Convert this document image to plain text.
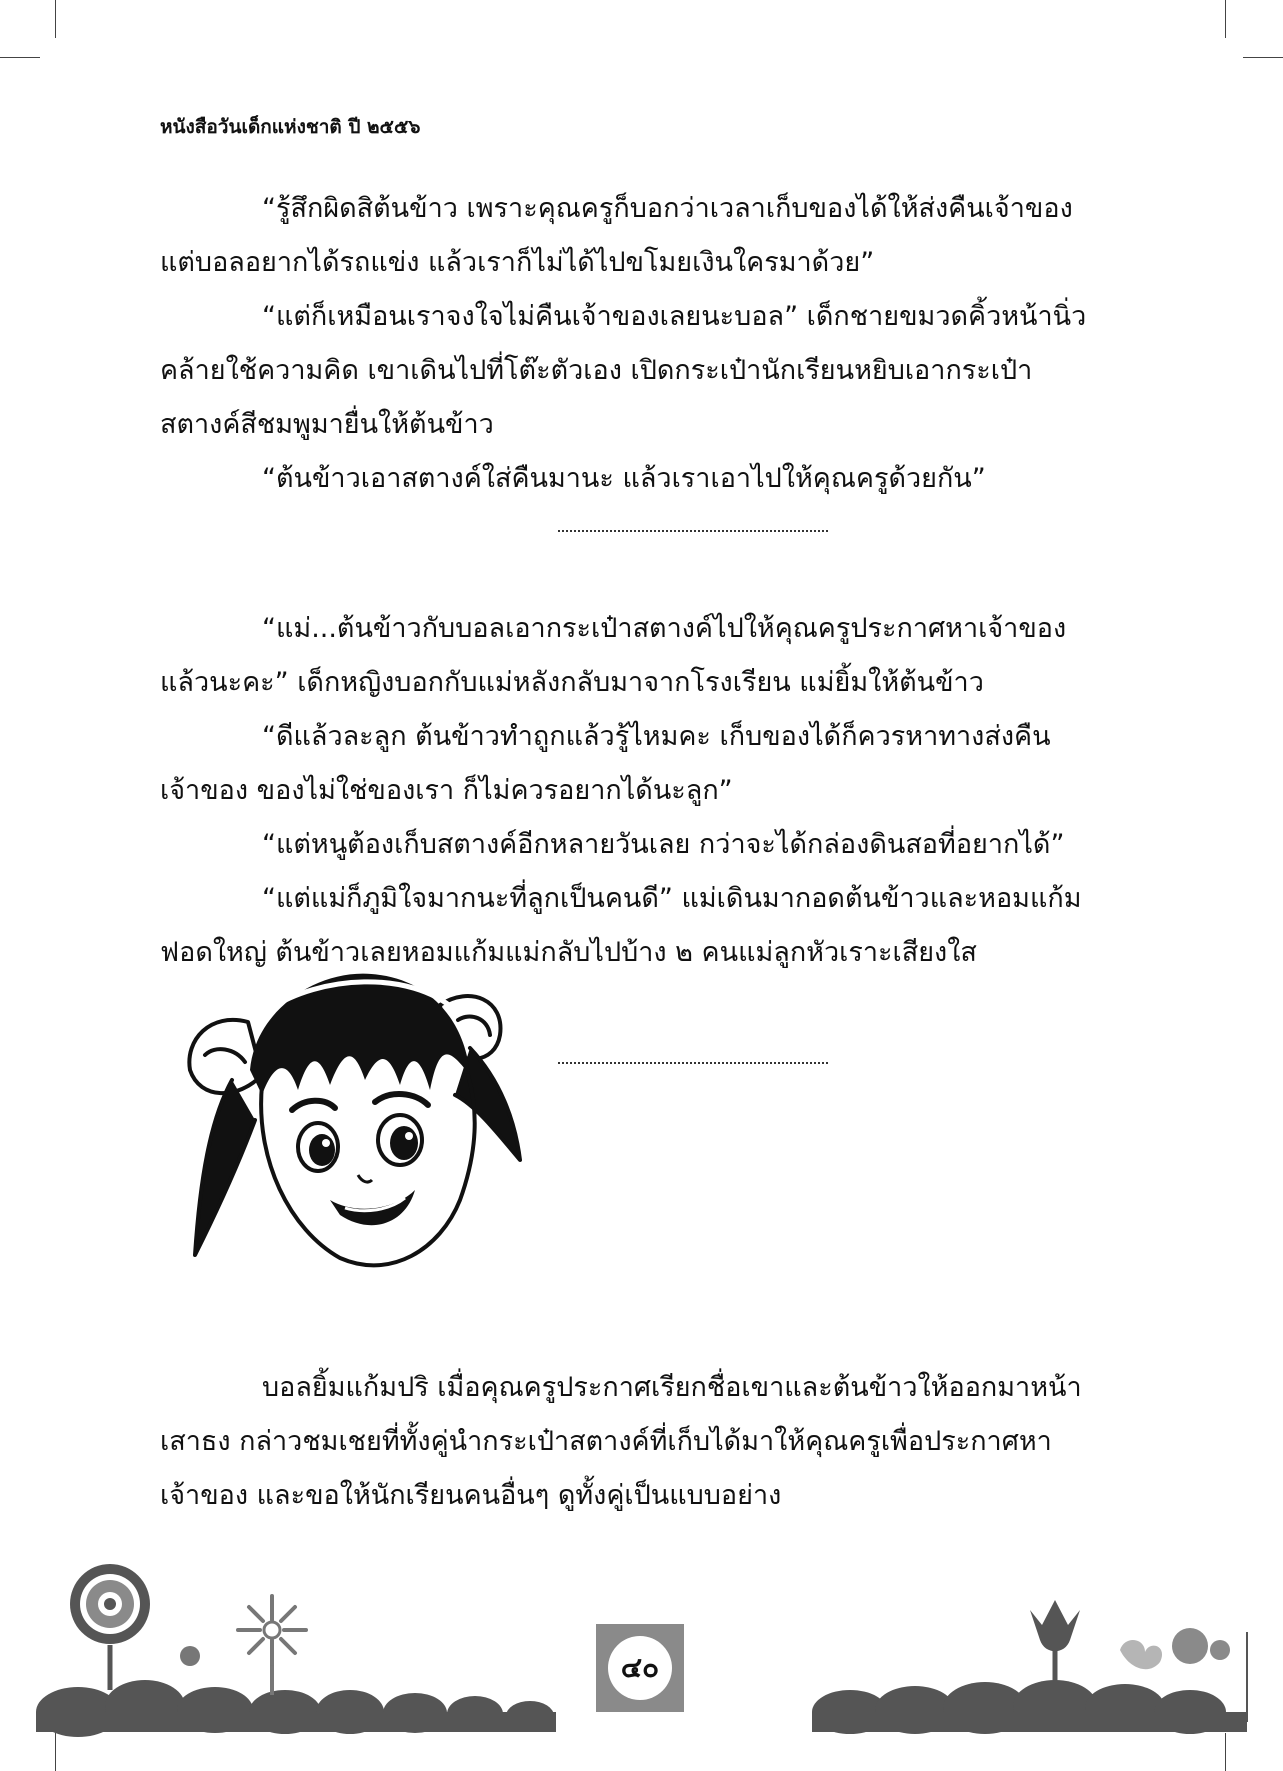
หนังสือวันเด็กแห่งชาติ ปี ๒๕๕๖
“รู้สึกผิดสิต้นข้าว เพราะคุณครูก็บอกว่าเวลาเก็บของได้ให้ส่งคืนเจ้าของ
แต่บอลอยากได้รถแข่ง แล้วเราก็ไม่ได้ไปขโมยเงินใครมาด้วย”
“แต่ก็เหมือนเราจงใจไม่คืนเจ้าของเลยนะบอล” เด็กชายขมวดคิ้วหน้านิ่ว
คล้ายใช้ความคิด เขาเดินไปที่โต๊ะตัวเอง เปิดกระเป๋านักเรียนหยิบเอากระเป๋า
สตางค์สีชมพูมายื่นให้ต้นข้าว
“ต้นข้าวเอาสตางค์ใส่คืนมานะ แล้วเราเอาไปให้คุณครูด้วยกัน”
“แม่...ต้นข้าวกับบอลเอากระเป๋าสตางค์ไปให้คุณครูประกาศหาเจ้าของ
แล้วนะคะ” เด็กหญิงบอกกับแม่หลังกลับมาจากโรงเรียน แม่ยิ้มให้ต้นข้าว
“ดีแล้วละลูก ต้นข้าวทำถูกแล้วรู้ไหมคะ เก็บของได้ก็ควรหาทางส่งคืน
เจ้าของ ของไม่ใช่ของเรา ก็ไม่ควรอยากได้นะลูก”
“แต่หนูต้องเก็บสตางค์อีกหลายวันเลย กว่าจะได้กล่องดินสอที่อยากได้”
“แต่แม่ก็ภูมิใจมากนะที่ลูกเป็นคนดี” แม่เดินมากอดต้นข้าวและหอมแก้ม
ฟอดใหญ่ ต้นข้าวเลยหอมแก้มแม่กลับไปบ้าง ๒ คนแม่ลูกหัวเราะเสียงใส
บอลยิ้มแก้มปริ เมื่อคุณครูประกาศเรียกชื่อเขาและต้นข้าวให้ออกมาหน้า
เสาธง กล่าวชมเชยที่ทั้งคู่นำกระเป๋าสตางค์ที่เก็บได้มาให้คุณครูเพื่อประกาศหา
เจ้าของ และขอให้นักเรียนคนอื่นๆ ดูทั้งคู่เป็นแบบอย่าง
๔๐
